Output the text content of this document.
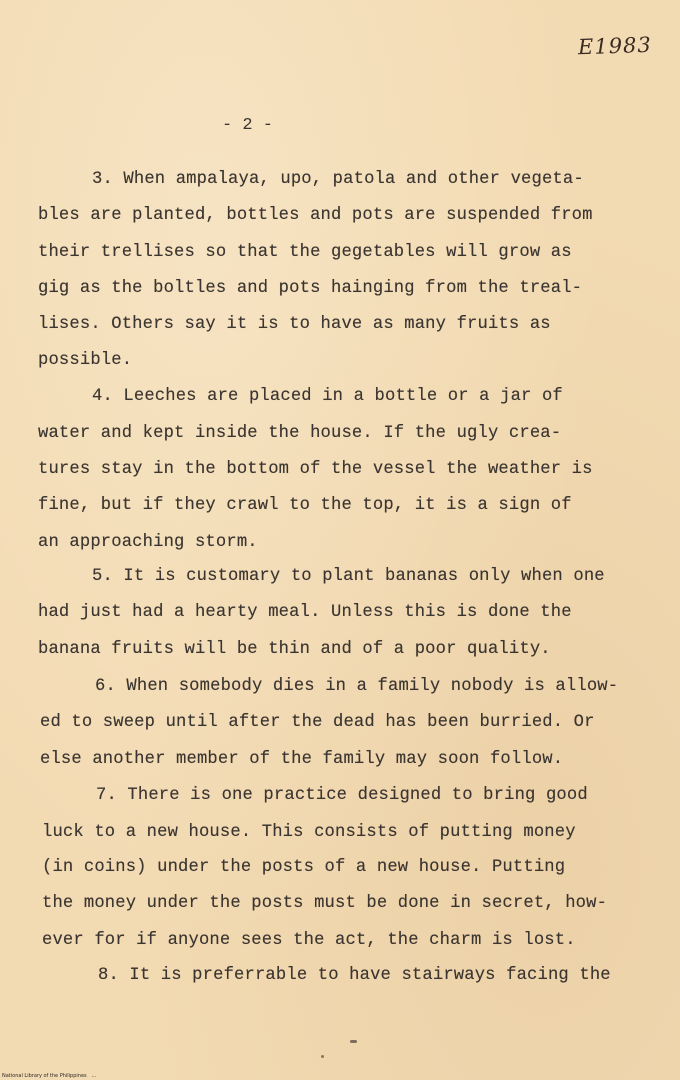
E1983
- 2 -
3. When ampalaya, upo, patola and other vegeta-
bles are planted, bottles and pots are suspended from
their trellises so that the gegetables will grow as
gig as the boltles and pots hainging from the treal-
lises. Others say it is to have as many fruits as
possible.
4. Leeches are placed in a bottle or a jar of
water and kept inside the house. If the ugly crea-
tures stay in the bottom of the vessel the weather is
fine, but if they crawl to the top, it is a sign of
an approaching storm.
5. It is customary to plant bananas only when one
had just had a hearty meal. Unless this is done the
banana fruits will be thin and of a poor quality.
6. When somebody dies in a family nobody is allow-
ed to sweep until after the dead has been burried. Or
else another member of the family may soon follow.
7. There is one practice designed to bring good
luck to a new house. This consists of putting money
(in coins) under the posts of a new house. Putting
the money under the posts must be done in secret, how-
ever for if anyone sees the act, the charm is lost.
8. It is preferrable to have stairways facing the
National Library of the Philippines   ...
